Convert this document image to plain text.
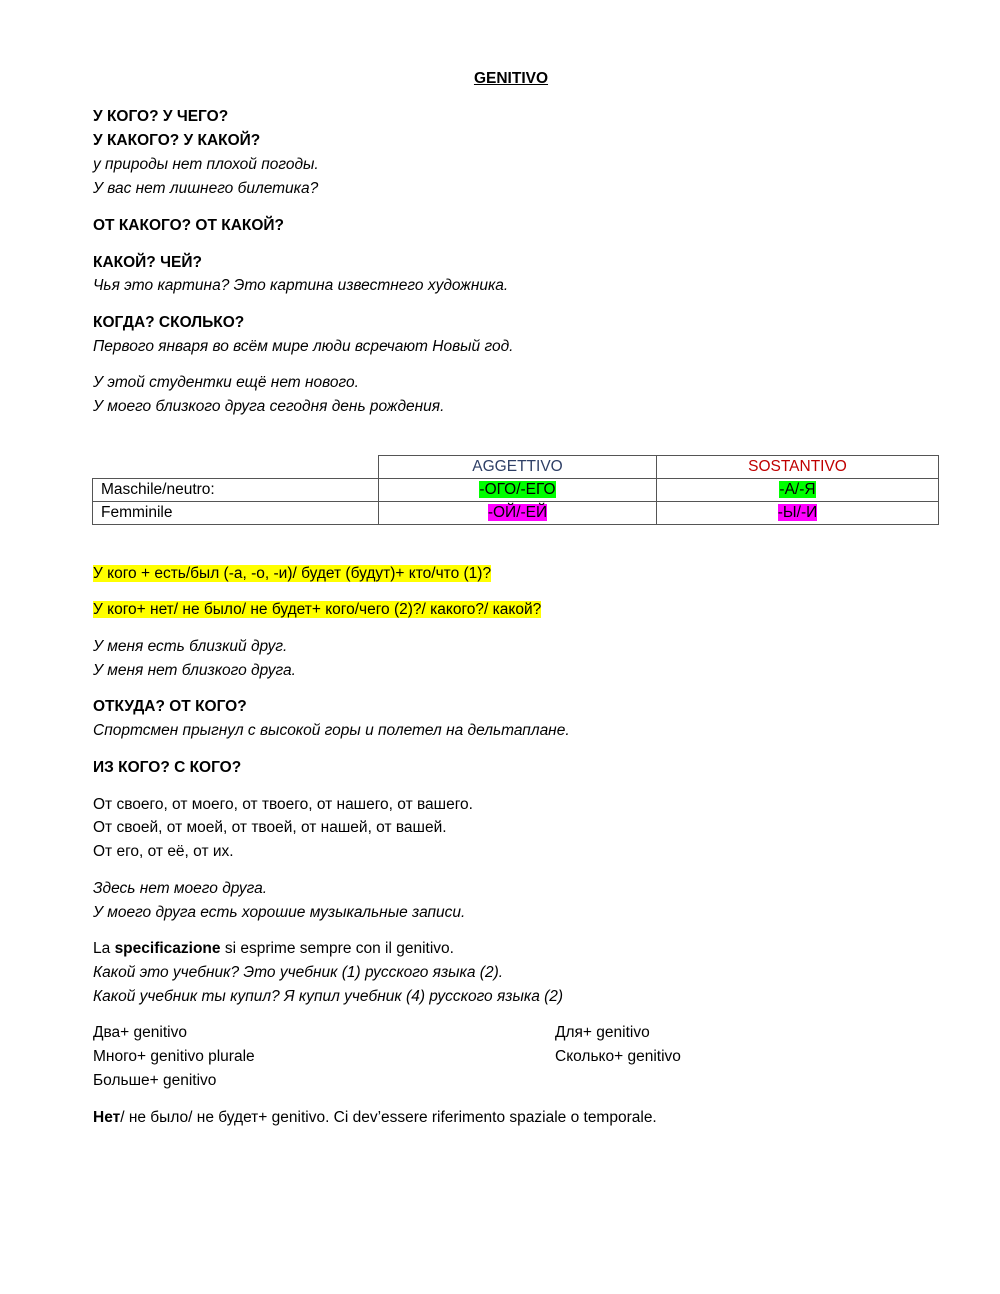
GENITIVO
У КОГО? У ЧЕГО?
У КАКОГО? У КАКОЙ?
у природы нет плохой погоды.
У вас нет лишнего билетика?
ОТ КАКОГО? ОТ КАКОЙ?
КАКОЙ? ЧЕЙ?
Чья это картина? Это картина известнего художника.
КОГДА? СКОЛЬКО?
Первого января во всём мире люди всречают Новый год.
У этой студентки ещё нет нового.
У моего близкого друга сегодня день рождения.
	AGGETTIVO	SOSTANTIVO
Maschile/neutro:	-ОГО/-ЕГО	-А/-Я
Femminile	-ОЙ/-ЕЙ	-Ы/-И
У кого + есть/был (-а, -о, -и)/ будет (будут)+ кто/что (1)?
У кого+ нет/ не было/ не будет+ кого/чего (2)?/ какого?/ какой?
У меня есть близкий друг.
У меня нет близкого друга.
ОТКУДА? ОТ КОГО?
Спортсмен прыгнул с высокой горы и полетел на дельтаплане.
ИЗ КОГО? С КОГО?
От своего, от моего, от твоего, от нашего, от вашего.
От своей, от моей, от твоей, от нашей, от вашей.
От его, от её, от их.
Здесь нет моего друга.
У моего друга есть хорошие музыкальные записи.
La specificazione si esprime sempre con il genitivo.
Какой это учебник? Это учебник (1) русского языка (2).
Какой учебник ты купил? Я купил учебник (4) русского языка (2)
Два+ genitivo
Много+ genitivo plurale
Больше+ genitivo
Для+ genitivo
Сколько+ genitivo
Нет/ не было/ не будет+ genitivo. Ci dev’essere riferimento spaziale o temporale.
